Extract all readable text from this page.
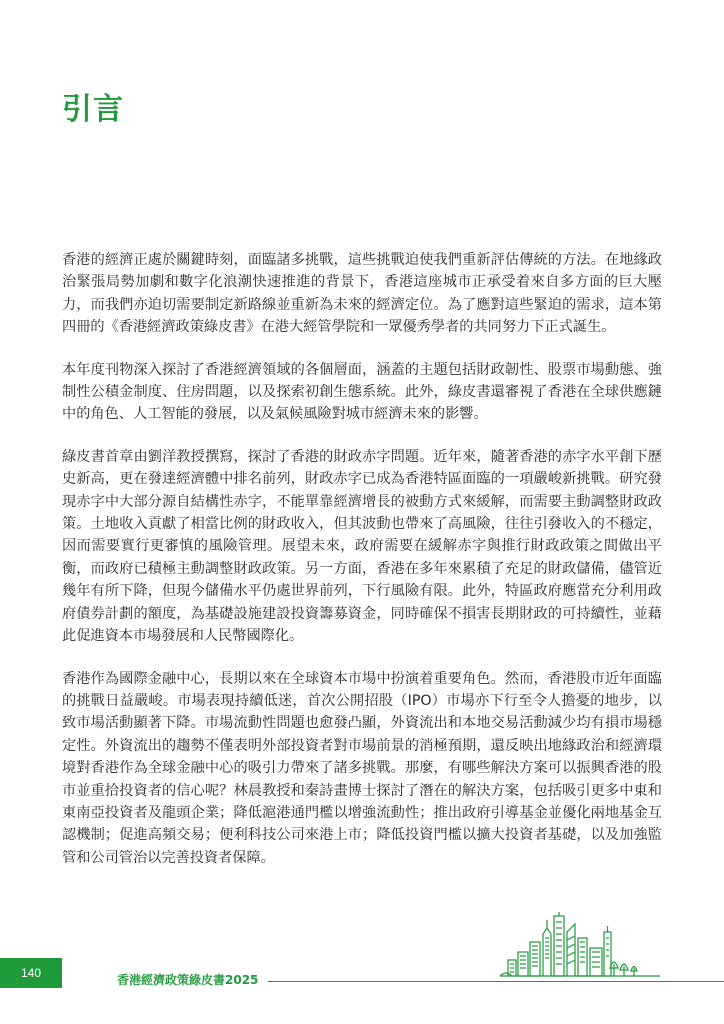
引言

香港的經濟正處於關鍵時刻，面臨諸多挑戰，這些挑戰迫使我們重新評估傳統的方法。在地緣政治緊張局勢加劇和數字化浪潮快速推進的背景下，香港這座城市正承受着來自多方面的巨大壓力，而我們亦迫切需要制定新路線並重新為未來的經濟定位。為了應對這些緊迫的需求，這本第四冊的《香港經濟政策綠皮書》在港大經管學院和一眾優秀學者的共同努力下正式誕生。

本年度刊物深入探討了香港經濟領域的各個層面，涵蓋的主題包括財政韌性、股票市場動態、強制性公積金制度、住房問題，以及探索初創生態系統。此外，綠皮書還審視了香港在全球供應鏈中的角色、人工智能的發展，以及氣候風險對城市經濟未來的影響。

綠皮書首章由劉洋教授撰寫，探討了香港的財政赤字問題。近年來，隨著香港的赤字水平創下歷史新高，更在發達經濟體中排名前列，財政赤字已成為香港特區面臨的一項嚴峻新挑戰。研究發現赤字中大部分源自結構性赤字，不能單靠經濟增長的被動方式來緩解，而需要主動調整財政政策。土地收入貢獻了相當比例的財政收入，但其波動也帶來了高風險，往往引發收入的不穩定，因而需要實行更審慎的風險管理。展望未來，政府需要在緩解赤字與推行財政政策之間做出平衡，而政府已積極主動調整財政政策。另一方面，香港在多年來累積了充足的財政儲備，儘管近幾年有所下降，但現今儲備水平仍處世界前列，下行風險有限。此外，特區政府應當充分利用政府債券計劃的額度，為基礎設施建設投資籌募資金，同時確保不損害長期財政的可持續性，並藉此促進資本市場發展和人民幣國際化。

香港作為國際金融中心，長期以來在全球資本市場中扮演着重要角色。然而，香港股市近年面臨的挑戰日益嚴峻。市場表現持續低迷，首次公開招股（IPO）市場亦下行至令人擔憂的地步，以致市場活動顯著下降。市場流動性問題也愈發凸顯，外資流出和本地交易活動減少均有損市場穩定性。外資流出的趨勢不僅表明外部投資者對市場前景的消極預期，還反映出地緣政治和經濟環境對香港作為全球金融中心的吸引力帶來了諸多挑戰。那麼，有哪些解決方案可以振興香港的股市並重拾投資者的信心呢？林晨教授和秦詩畫博士探討了潛在的解決方案，包括吸引更多中東和東南亞投資者及龍頭企業；降低滬港通門檻以增強流動性；推出政府引導基金並優化兩地基金互認機制；促進高頻交易；便利科技公司來港上市；降低投資門檻以擴大投資者基礎，以及加強監管和公司管治以完善投資者保障。

140	香港經濟政策綠皮書2025
